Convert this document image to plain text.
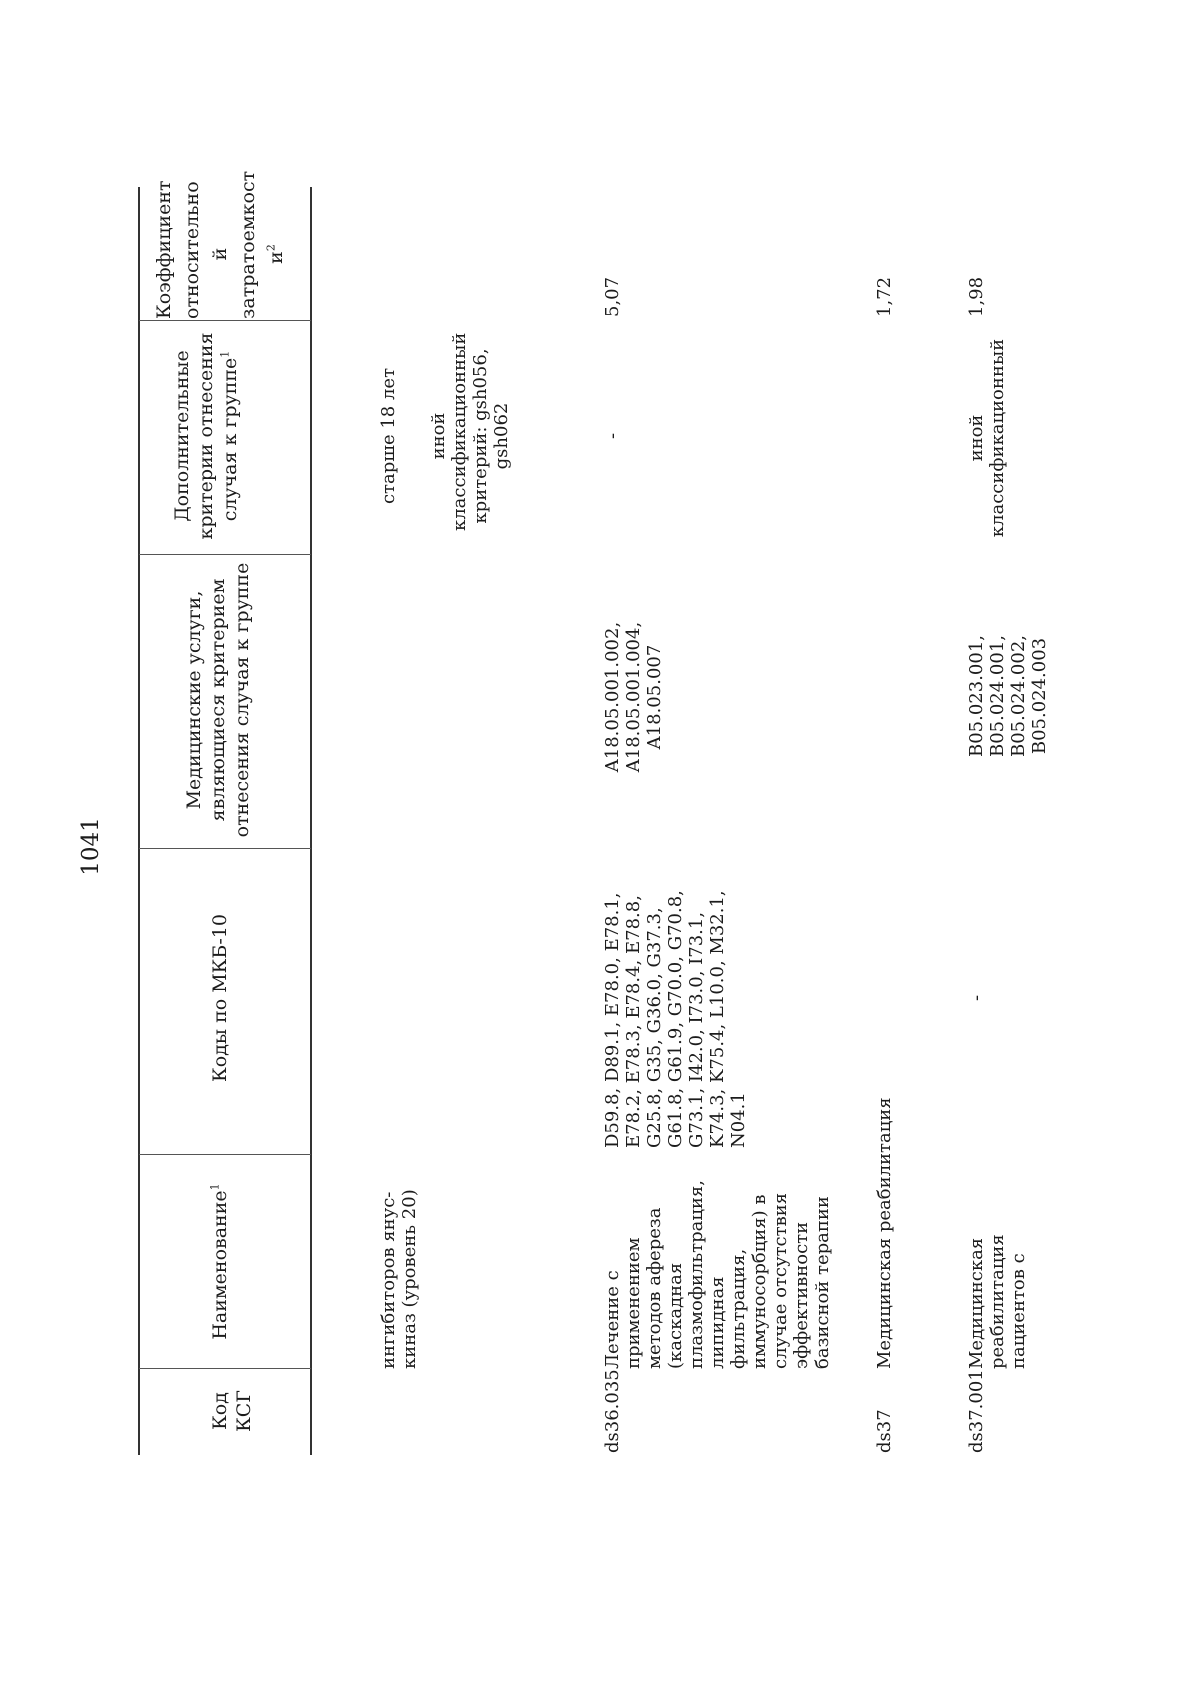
1041
Код КСГ
Наименование$^1$
Коды по МКБ-10
Медицинские услуги, являющиеся критерием отнесения случая к группе
Дополнительные критерии отнесения случая к группе$^1$
Коэффициент относительно й затратоемкост $и^2$
ингибиторов янус-киназ (уровень 20)
старше 18 лет иной классификационный критерий: gsh056, gsh062
ds36.035
Лечение с применением методов афереза (каскадная плазмофильтрация, липидная фильтрация, иммуносорбция) в случае отсутствия эффективности базисной терапии
D59.8, D89.1, E78.0, E78.1, E78.2, E78.3, E78.4, E78.8, G25.8, G35, G36.0, G37.3, G61.8, G61.9, G70.0, G70.8, G73.1, I42.0, I73.0, I73.1, K74.3, K75.4, L10.0, M32.1, N04.1
A18.05.001.002, A18.05.001.004, A18.05.007
-
5,07
ds37
Медицинская реабилитация
1,72
ds37.001
Медицинская реабилитация пациентов с
-
B05.023.001, B05.024.001, B05.024.002, B05.024.003
иной классификационный
1,98
